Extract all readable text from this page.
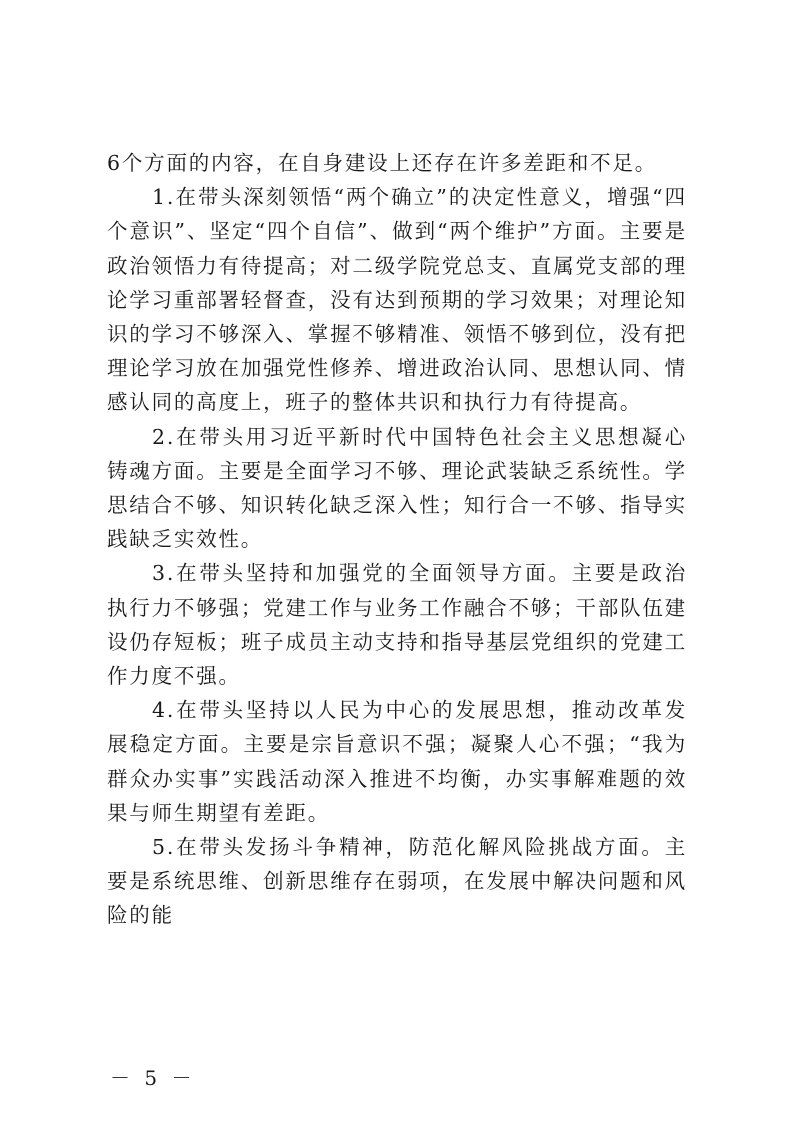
6个方面的内容，在自身建设上还存在许多差距和不足。

1.在带头深刻领悟“两个确立”的决定性意义，增强“四个意识”、坚定“四个自信”、做到“两个维护”方面。主要是政治领悟力有待提高；对二级学院党总支、直属党支部的理论学习重部署轻督查，没有达到预期的学习效果；对理论知识的学习不够深入、掌握不够精准、领悟不够到位，没有把理论学习放在加强党性修养、增进政治认同、思想认同、情感认同的高度上，班子的整体共识和执行力有待提高。

2.在带头用习近平新时代中国特色社会主义思想凝心铸魂方面。主要是全面学习不够、理论武装缺乏系统性。学思结合不够、知识转化缺乏深入性；知行合一不够、指导实践缺乏实效性。

3.在带头坚持和加强党的全面领导方面。主要是政治执行力不够强；党建工作与业务工作融合不够；干部队伍建设仍存短板；班子成员主动支持和指导基层党组织的党建工作力度不强。

4.在带头坚持以人民为中心的发展思想，推动改革发展稳定方面。主要是宗旨意识不强；凝聚人心不强；“我为群众办实事”实践活动深入推进不均衡，办实事解难题的效果与师生期望有差距。

5.在带头发扬斗争精神，防范化解风险挑战方面。主要是系统思维、创新思维存在弱项，在发展中解决问题和风险的能

－ 5 －
